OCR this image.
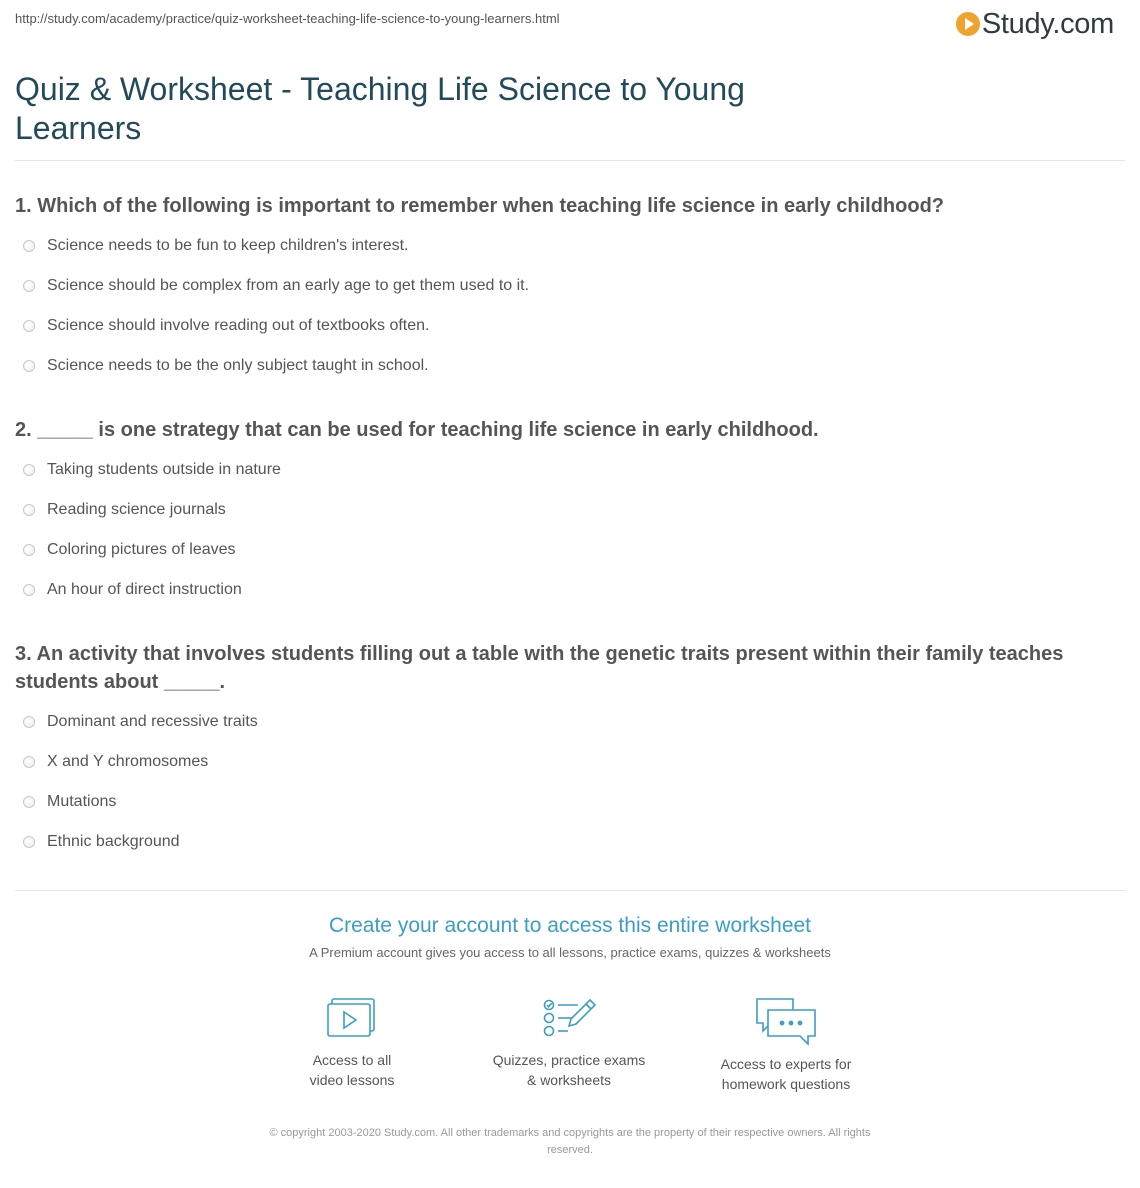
http://study.com/academy/practice/quiz-worksheet-teaching-life-science-to-young-learners.html	Study.com
Quiz & Worksheet - Teaching Life Science to Young Learners
1. Which of the following is important to remember when teaching life science in early childhood?
Science needs to be fun to keep children's interest.
Science should be complex from an early age to get them used to it.
Science should involve reading out of textbooks often.
Science needs to be the only subject taught in school.
2. _____ is one strategy that can be used for teaching life science in early childhood.
Taking students outside in nature
Reading science journals
Coloring pictures of leaves
An hour of direct instruction
3. An activity that involves students filling out a table with the genetic traits present within their family teaches students about _____.
Dominant and recessive traits
X and Y chromosomes
Mutations
Ethnic background
Create your account to access this entire worksheet
A Premium account gives you access to all lessons, practice exams, quizzes & worksheets
Access to all
video lessons
Quizzes, practice exams
& worksheets
Access to experts for
homework questions
© copyright 2003-2020 Study.com. All other trademarks and copyrights are the property of their respective owners. All rights
reserved.
